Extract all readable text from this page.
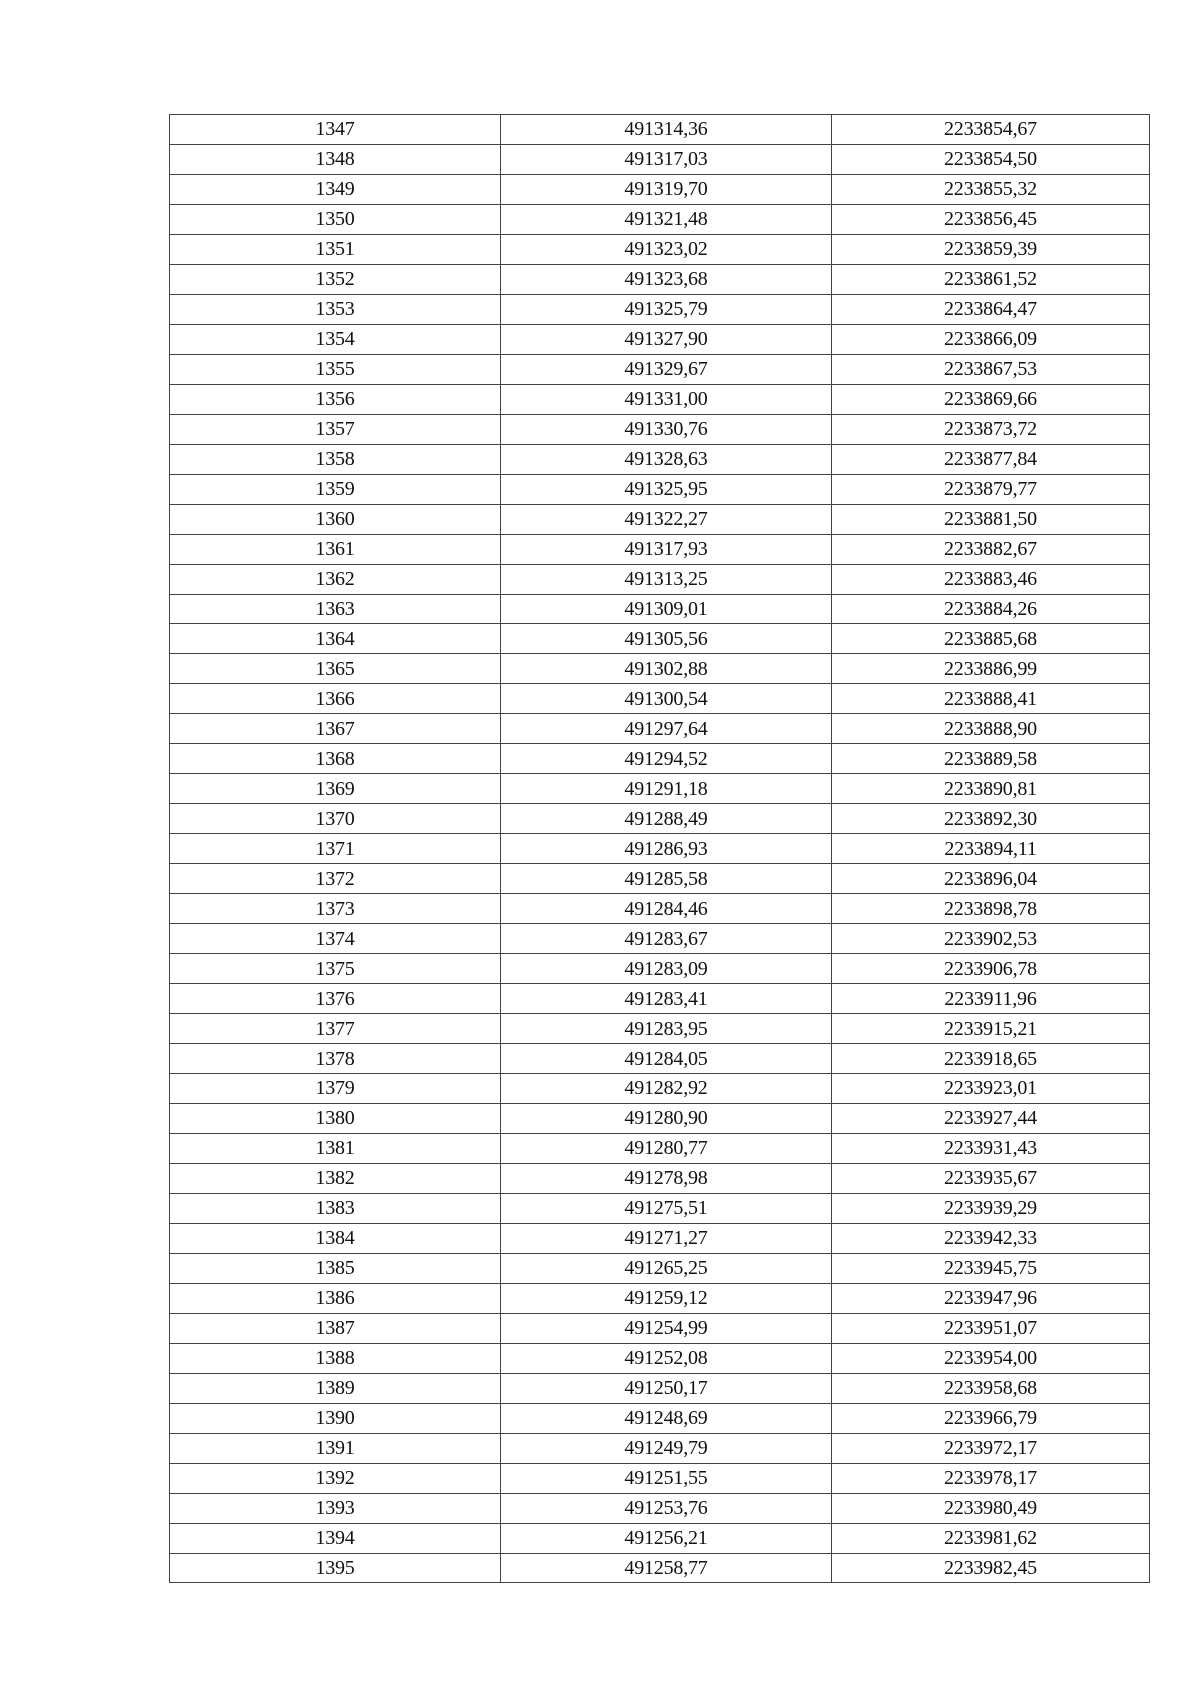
1347	491314,36	2233854,67
1348	491317,03	2233854,50
1349	491319,70	2233855,32
1350	491321,48	2233856,45
1351	491323,02	2233859,39
1352	491323,68	2233861,52
1353	491325,79	2233864,47
1354	491327,90	2233866,09
1355	491329,67	2233867,53
1356	491331,00	2233869,66
1357	491330,76	2233873,72
1358	491328,63	2233877,84
1359	491325,95	2233879,77
1360	491322,27	2233881,50
1361	491317,93	2233882,67
1362	491313,25	2233883,46
1363	491309,01	2233884,26
1364	491305,56	2233885,68
1365	491302,88	2233886,99
1366	491300,54	2233888,41
1367	491297,64	2233888,90
1368	491294,52	2233889,58
1369	491291,18	2233890,81
1370	491288,49	2233892,30
1371	491286,93	2233894,11
1372	491285,58	2233896,04
1373	491284,46	2233898,78
1374	491283,67	2233902,53
1375	491283,09	2233906,78
1376	491283,41	2233911,96
1377	491283,95	2233915,21
1378	491284,05	2233918,65
1379	491282,92	2233923,01
1380	491280,90	2233927,44
1381	491280,77	2233931,43
1382	491278,98	2233935,67
1383	491275,51	2233939,29
1384	491271,27	2233942,33
1385	491265,25	2233945,75
1386	491259,12	2233947,96
1387	491254,99	2233951,07
1388	491252,08	2233954,00
1389	491250,17	2233958,68
1390	491248,69	2233966,79
1391	491249,79	2233972,17
1392	491251,55	2233978,17
1393	491253,76	2233980,49
1394	491256,21	2233981,62
1395	491258,77	2233982,45
